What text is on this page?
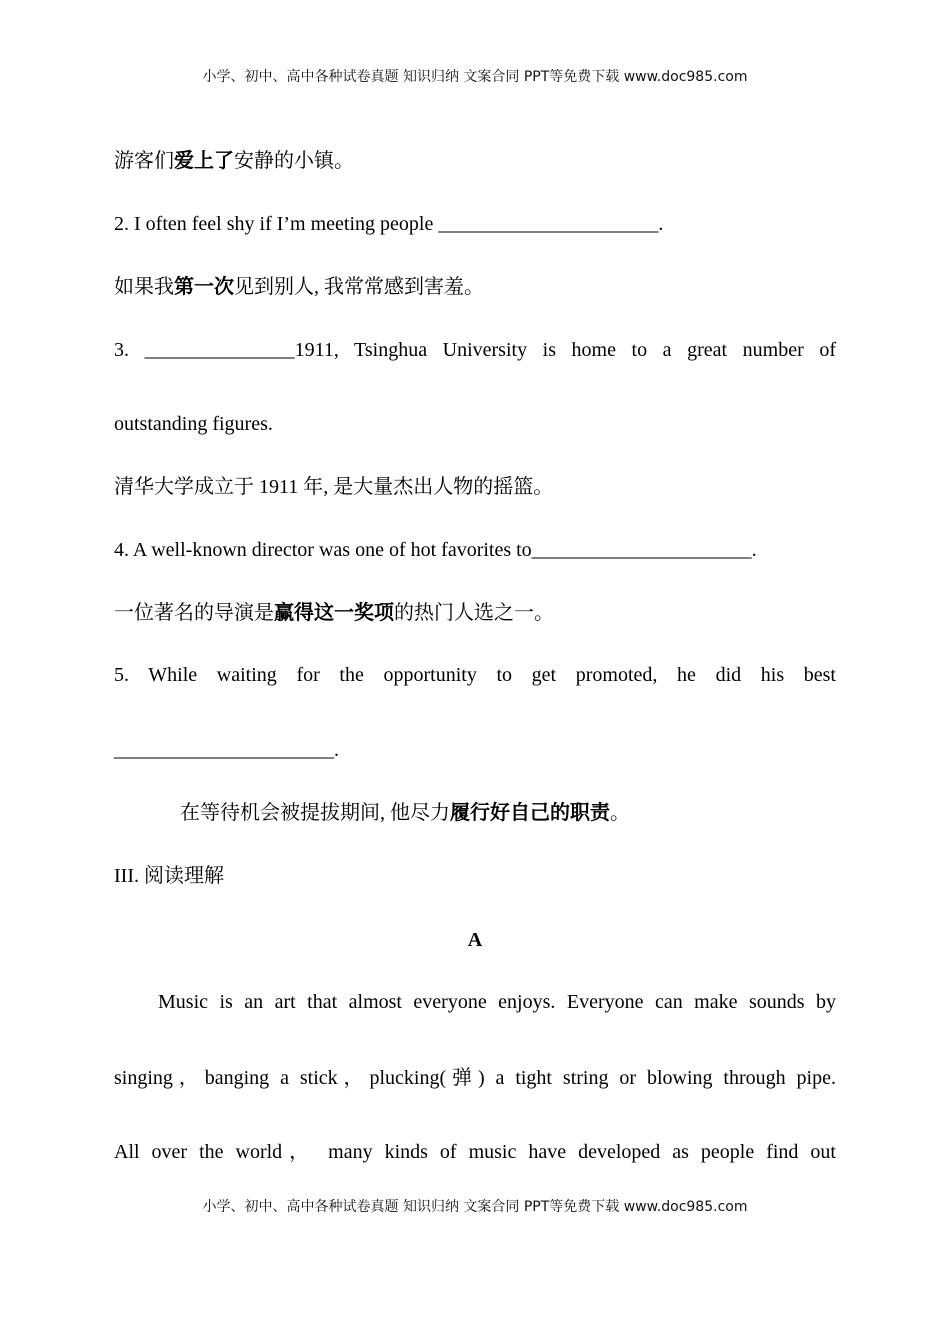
小学、初中、高中各种试卷真题 知识归纳 文案合同 PPT等免费下载 www.doc985.com
游客们爱上了安静的小镇。
2. I often feel shy if I’m meeting people ______________________.
如果我第一次见到别人, 我常常感到害羞。
3. _______________1911, Tsinghua University is home to a great number of
outstanding figures.
清华大学成立于 1911 年, 是大量杰出人物的摇篮。
4. A well-known director was one of hot favorites to______________________.
一位著名的导演是赢得这一奖项的热门人选之一。
5. While waiting for the opportunity to get promoted, he did his best
______________________.
在等待机会被提拔期间, 他尽力履行好自己的职责。
III. 阅读理解
A
Music is an art that almost everyone enjoys. Everyone can make sounds by
singing，banging a stick，plucking(弹) a tight string or blowing through pipe.
All over the world， many kinds of music have developed as people find out
小学、初中、高中各种试卷真题 知识归纳 文案合同 PPT等免费下载 www.doc985.com
